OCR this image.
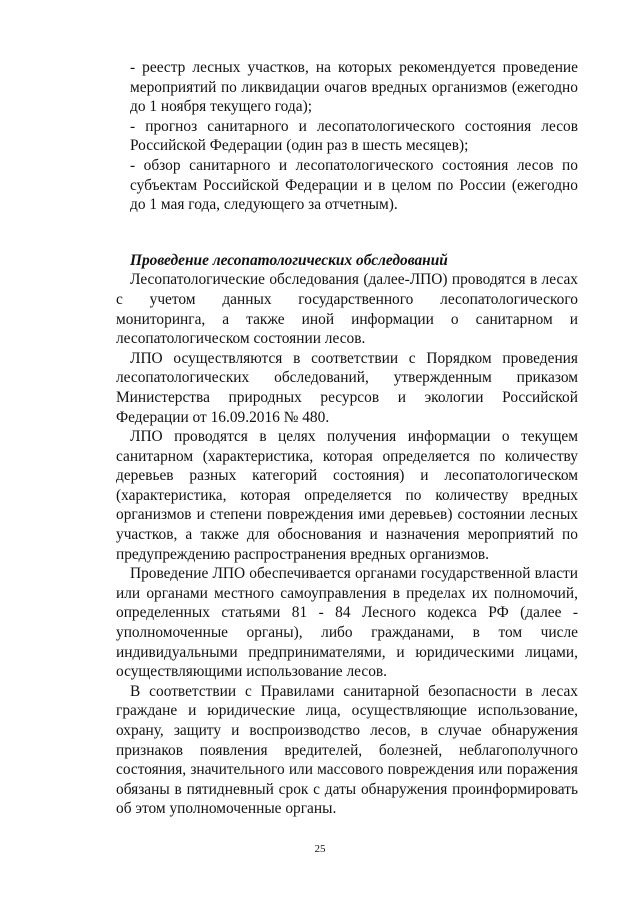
- реестр лесных участков, на которых рекомендуется проведение мероприятий по ликвидации очагов вредных организмов (ежегодно до 1 ноября текущего года);

- прогноз санитарного и лесопатологического состояния лесов Российской Федерации (один раз в шесть месяцев);

- обзор санитарного и лесопатологического состояния лесов по субъектам Российской Федерации и в целом по России (ежегодно до 1 мая года, следующего за отчетным).

Проведение лесопатологических обследований

Лесопатологические обследования (далее-ЛПО) проводятся в лесах с учетом данных государственного лесопатологического мониторинга, а также иной информации о санитарном и лесопатологическом состоянии лесов.

ЛПО осуществляются в соответствии с Порядком проведения лесопатологических обследований, утвержденным приказом Министерства природных ресурсов и экологии Российской Федерации от 16.09.2016 № 480.

ЛПО проводятся в целях получения информации о текущем санитарном (характеристика, которая определяется по количеству деревьев разных категорий состояния) и лесопатологическом (характеристика, которая определяется по количеству вредных организмов и степени повреждения ими деревьев) состоянии лесных участков, а также для обоснования и назначения мероприятий по предупреждению распространения вредных организмов.

Проведение ЛПО обеспечивается органами государственной власти или органами местного самоуправления в пределах их полномочий, определенных статьями 81 - 84 Лесного кодекса РФ (далее - уполномоченные органы), либо гражданами, в том числе индивидуальными предпринимателями, и юридическими лицами, осуществляющими использование лесов.

В соответствии с Правилами санитарной безопасности в лесах граждане и юридические лица, осуществляющие использование, охрану, защиту и воспроизводство лесов, в случае обнаружения признаков появления вредителей, болезней, неблагополучного состояния, значительного или массового повреждения или поражения обязаны в пятидневный срок с даты обнаружения проинформировать об этом уполномоченные органы.

25
